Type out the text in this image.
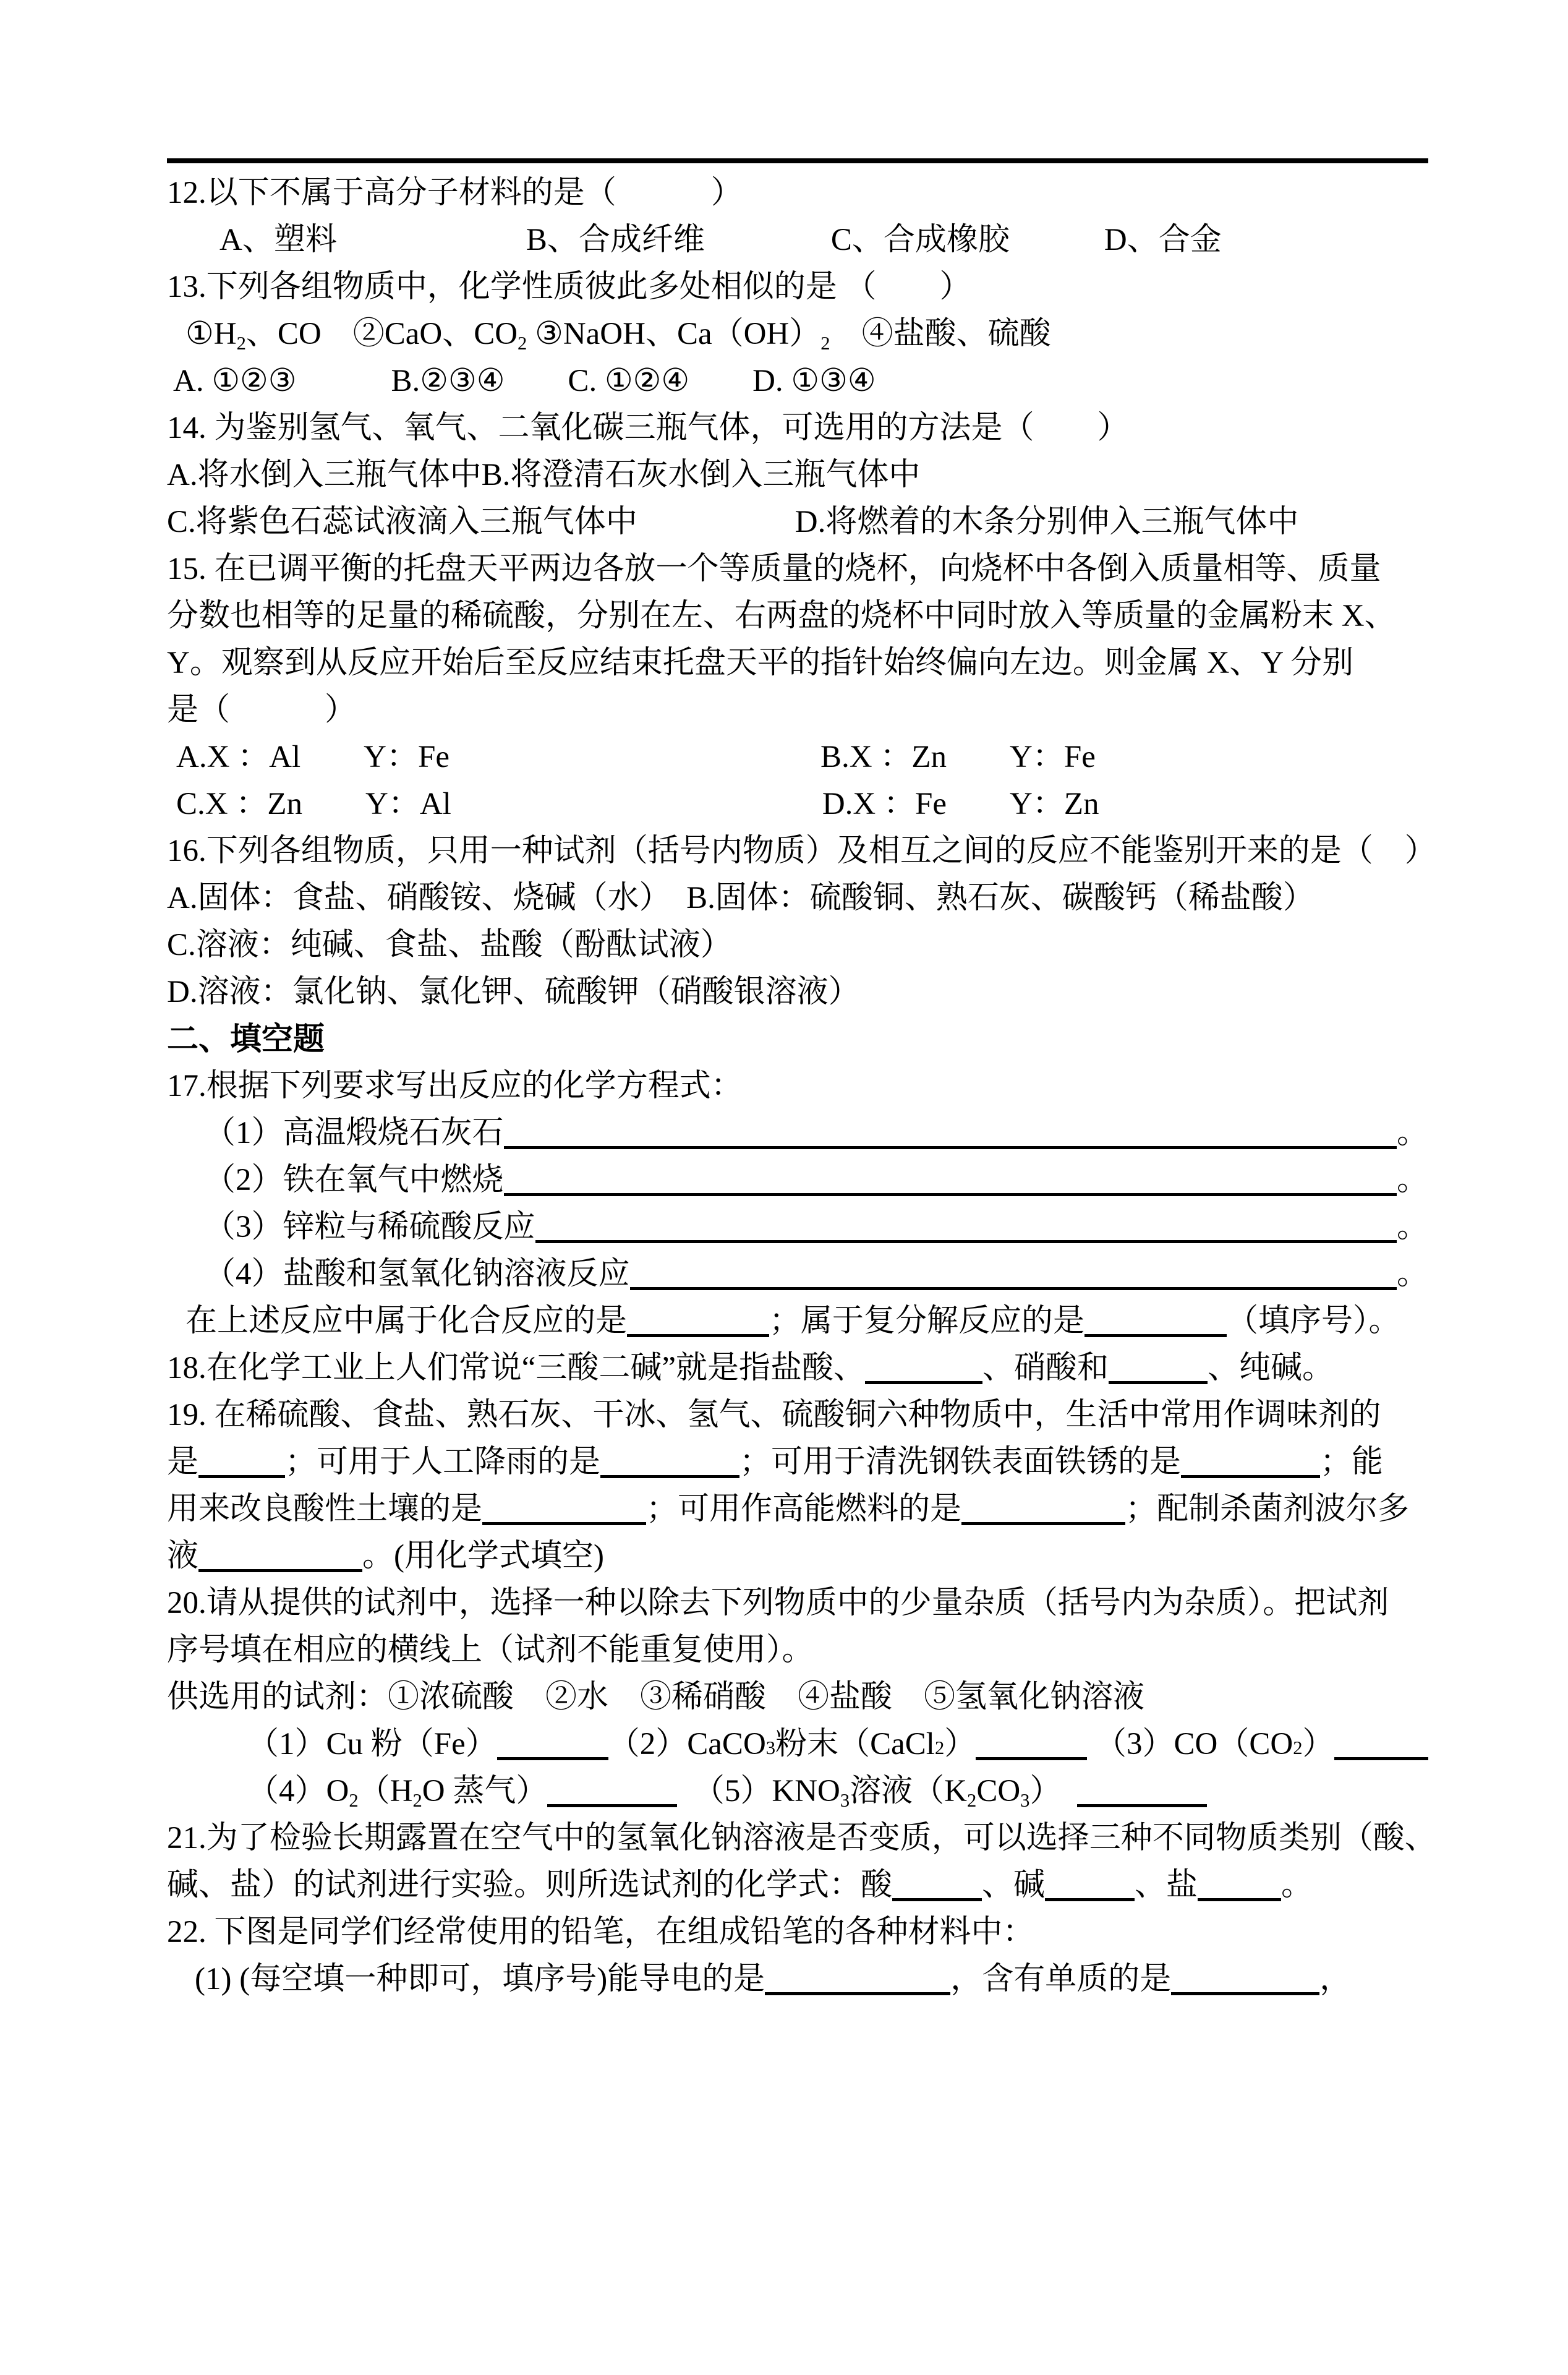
12.以下不属于高分子材料的是（　　　）
A、塑料　　　　　　B、合成纤维　　　　C、合成橡胶　　　D、合金
13.下列各组物质中，化学性质彼此多处相似的是 （　　）
$①H_2$、CO　②CaO、$CO_2$ ③NaOH、$Ca(OH)_2$　④盐酸、硫酸
A. ①②③　　　B.②③④　　C. ①②④　　D. ①③④
14. 为鉴别氢气、氧气、二氧化碳三瓶气体，可选用的方法是（　　）
A.将水倒入三瓶气体中B.将澄清石灰水倒入三瓶气体中
C.将紫色石蕊试液滴入三瓶气体中　　　　　D.将燃着的木条分别伸入三瓶气体中
15. 在已调平衡的托盘天平两边各放一个等质量的烧杯，向烧杯中各倒入质量相等、质量
分数也相等的足量的稀硫酸，分别在左、右两盘的烧杯中同时放入等质量的金属粉末 X、
Y。观察到从反应开始后至反应结束托盘天平的指针始终偏向左边。则金属 X、Y 分别
是（　　　）
A.X ：Al　　Y：Fe	B.X ：Zn　　Y：Fe
C.X ：Zn　　Y：Al	D.X ：Fe　　Y：Zn
16.下列各组物质，只用一种试剂（括号内物质）及相互之间的反应不能鉴别开来的是（　）
A.固体：食盐、硝酸铵、烧碱（水）　B.固体：硫酸铜、熟石灰、碳酸钙（稀盐酸）
C.溶液：纯碱、食盐、盐酸（酚酞试液）
D.溶液：氯化钠、氯化钾、硫酸钾（硝酸银溶液）
二、填空题
17.根据下列要求写出反应的化学方程式：
（1）高温煅烧石灰石	。
（2）铁在氧气中燃烧	。
（3）锌粒与稀硫酸反应	。
（4）盐酸和氢氧化钠溶液反应	。
在上述反应中属于化合反应的是	；属于复分解反应的是	（填序号）。
18.在化学工业上人们常说“三酸二碱”就是指盐酸、	、硝酸和	、纯碱。
19. 在稀硫酸、食盐、熟石灰、干冰、氢气、硫酸铜六种物质中，生活中常用作调味剂的
是	；可用于人工降雨的是	；可用于清洗钢铁表面铁锈的是	；能
用来改良酸性土壤的是	；可用作高能燃料的是	；配制杀菌剂波尔多
液	。(用化学式填空)
20.请从提供的试剂中，选择一种以除去下列物质中的少量杂质（括号内为杂质）。把试剂
序号填在相应的横线上（试剂不能重复使用）。
供选用的试剂：①浓硫酸　②水　③稀硝酸　④盐酸　⑤氢氧化钠溶液
（1）Cu 粉（Fe）	（2）CaCO 3 粉末（CaCl 2 ）	（3）CO（CO 2 ）
$(4)O_2(H_2O$ 蒸气）	　$(5)KNO_3$溶液$(K_2CO_3)$　
21.为了检验长期露置在空气中的氢氧化钠溶液是否变质，可以选择三种不同物质类别（酸、
碱、盐）的试剂进行实验。则所选试剂的化学式：酸	、碱	、盐	。
22. 下图是同学们经常使用的铅笔，在组成铅笔的各种材料中：
(1) (每空填一种即可，填序号)能导电的是	，含有单质的是	，
